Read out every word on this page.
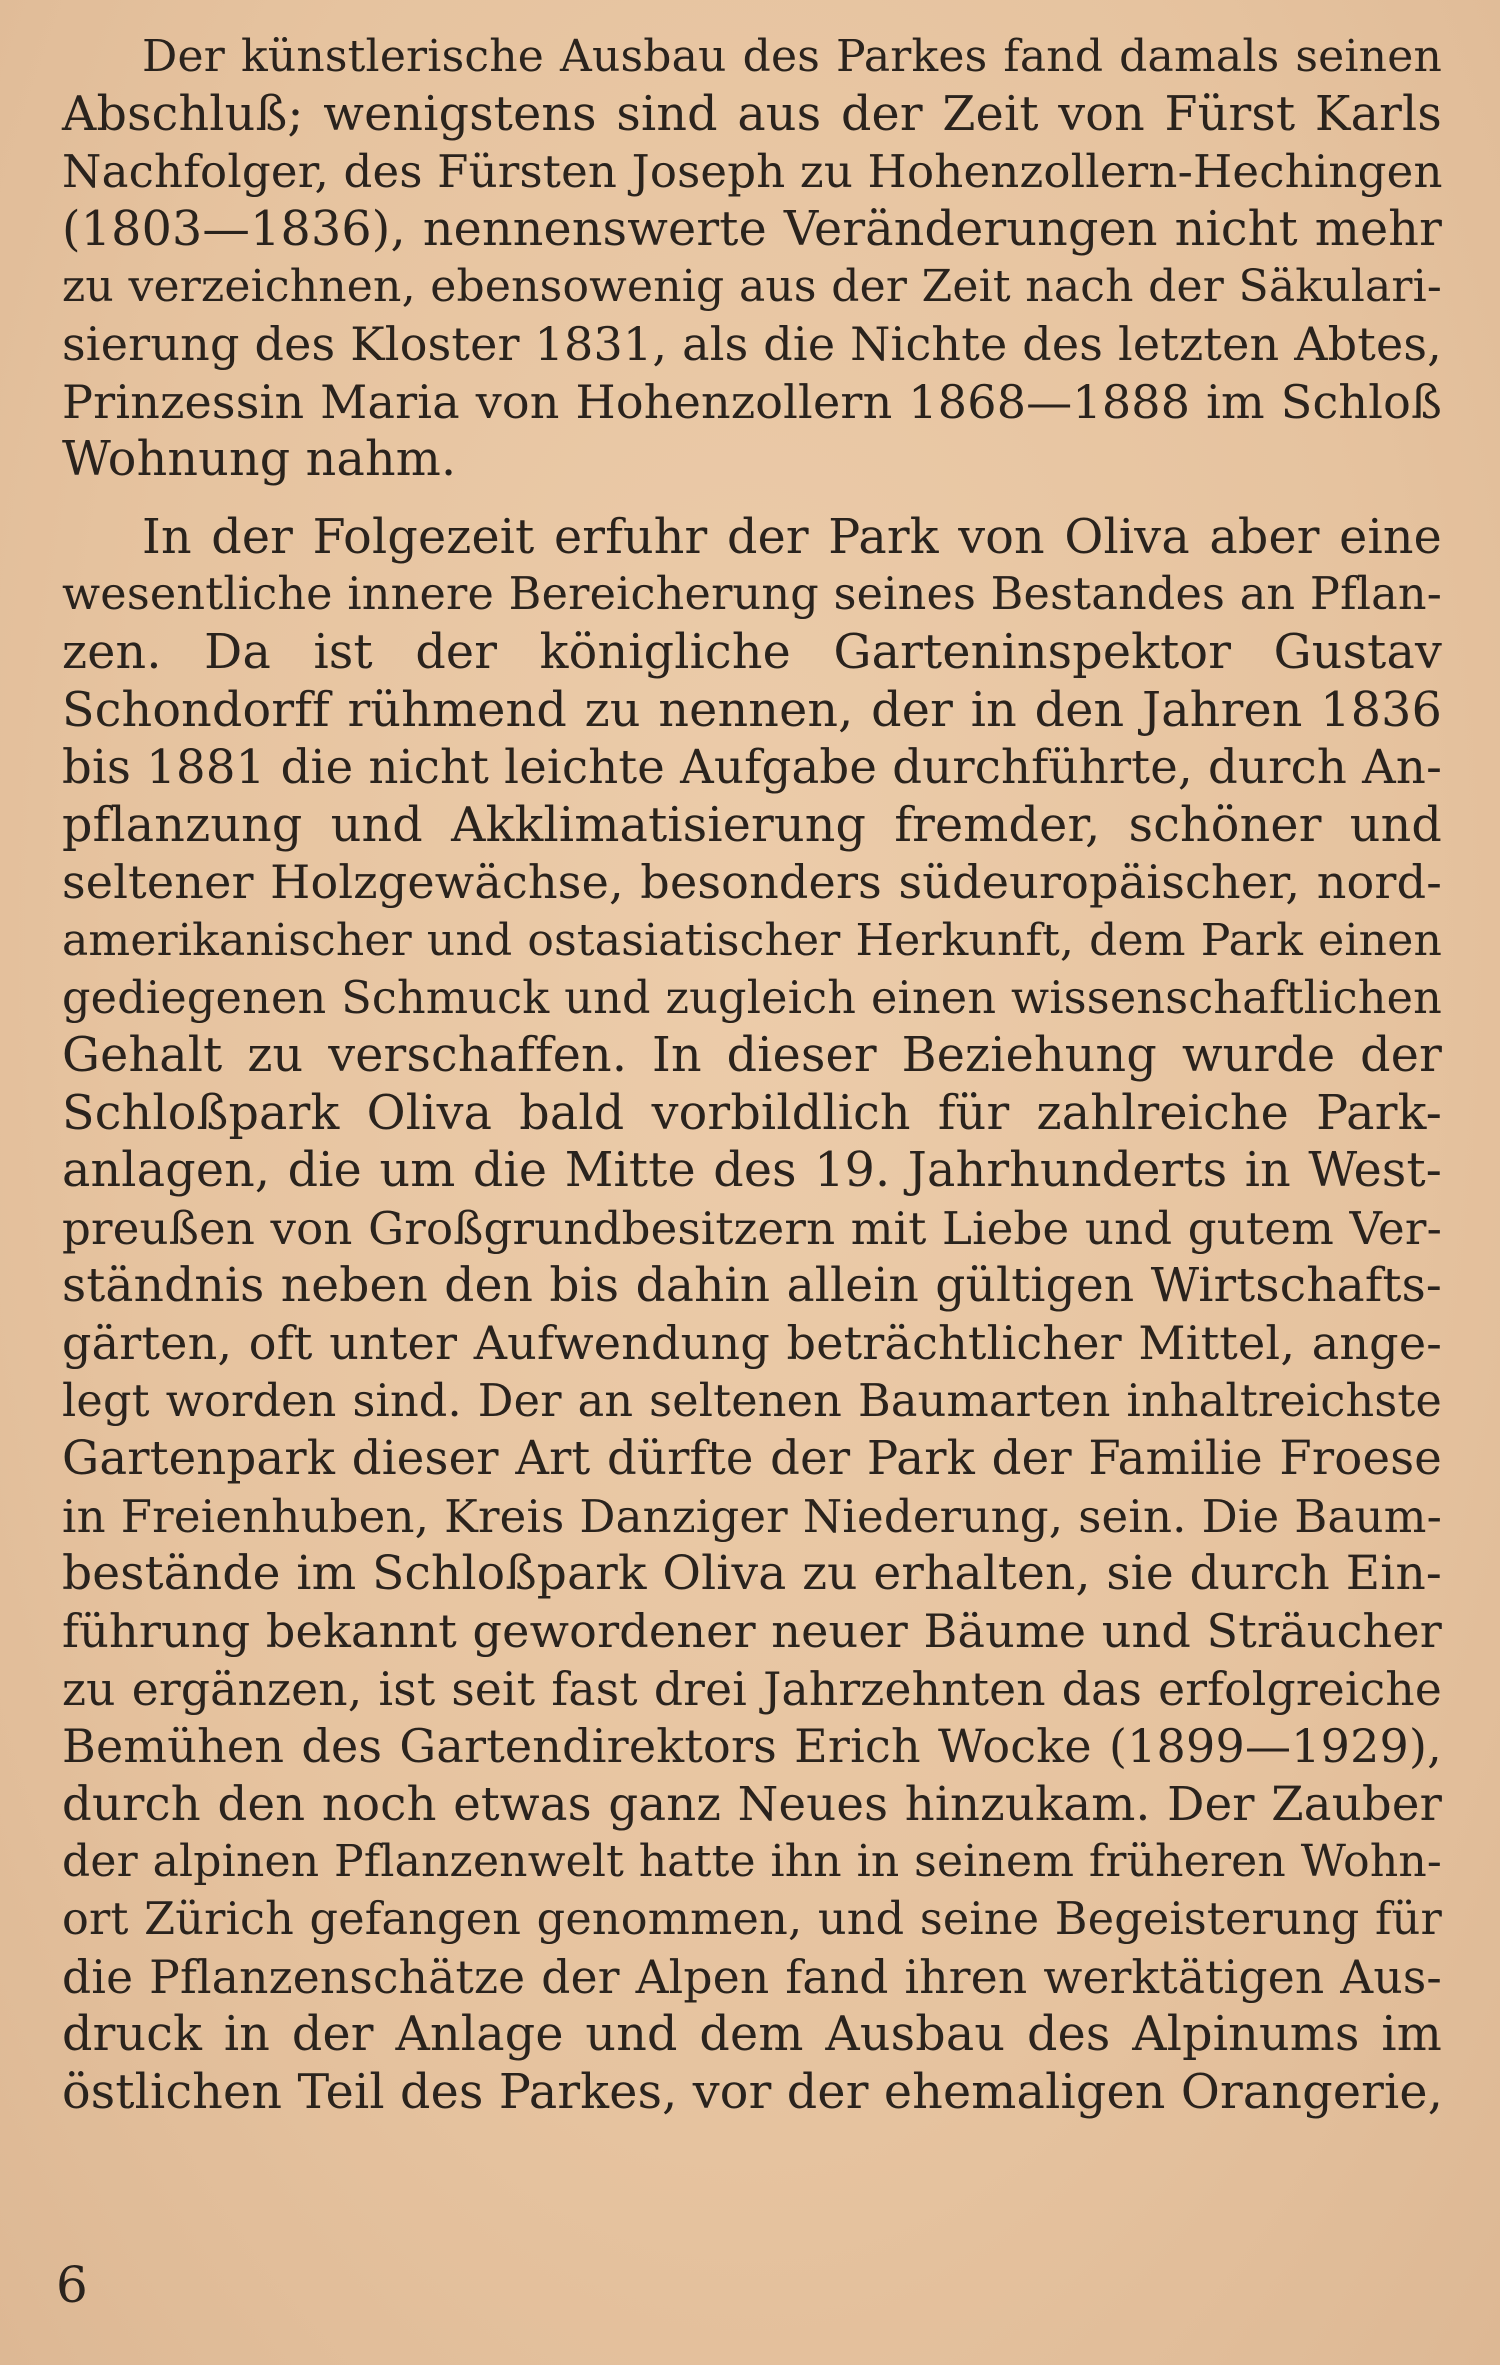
Der künstlerische Ausbau des Parkes fand damals seinen
Abschluß; wenigstens sind aus der Zeit von Fürst Karls
Nachfolger, des Fürsten Joseph zu Hohenzollern-Hechingen
(1803—1836), nennenswerte Veränderungen nicht mehr
zu verzeichnen, ebensowenig aus der Zeit nach der Säkulari-
sierung des Kloster 1831, als die Nichte des letzten Abtes,
Prinzessin Maria von Hohenzollern 1868—1888 im Schloß
Wohnung nahm.
In der Folgezeit erfuhr der Park von Oliva aber eine
wesentliche innere Bereicherung seines Bestandes an Pflan-
zen. Da ist der königliche Garteninspektor Gustav
Schondorff rühmend zu nennen, der in den Jahren 1836
bis 1881 die nicht leichte Aufgabe durchführte, durch An-
pflanzung und Akklimatisierung fremder, schöner und
seltener Holzgewächse, besonders südeuropäischer, nord-
amerikanischer und ostasiatischer Herkunft, dem Park einen
gediegenen Schmuck und zugleich einen wissenschaftlichen
Gehalt zu verschaffen. In dieser Beziehung wurde der
Schloßpark Oliva bald vorbildlich für zahlreiche Park-
anlagen, die um die Mitte des 19. Jahrhunderts in West-
preußen von Großgrundbesitzern mit Liebe und gutem Ver-
ständnis neben den bis dahin allein gültigen Wirtschafts-
gärten, oft unter Aufwendung beträchtlicher Mittel, ange-
legt worden sind. Der an seltenen Baumarten inhaltreichste
Gartenpark dieser Art dürfte der Park der Familie Froese
in Freienhuben, Kreis Danziger Niederung, sein. Die Baum-
bestände im Schloßpark Oliva zu erhalten, sie durch Ein-
führung bekannt gewordener neuer Bäume und Sträucher
zu ergänzen, ist seit fast drei Jahrzehnten das erfolgreiche
Bemühen des Gartendirektors Erich Wocke (1899—1929),
durch den noch etwas ganz Neues hinzukam. Der Zauber
der alpinen Pflanzenwelt hatte ihn in seinem früheren Wohn-
ort Zürich gefangen genommen, und seine Begeisterung für
die Pflanzenschätze der Alpen fand ihren werktätigen Aus-
druck in der Anlage und dem Ausbau des Alpinums im
östlichen Teil des Parkes, vor der ehemaligen Orangerie,
6
